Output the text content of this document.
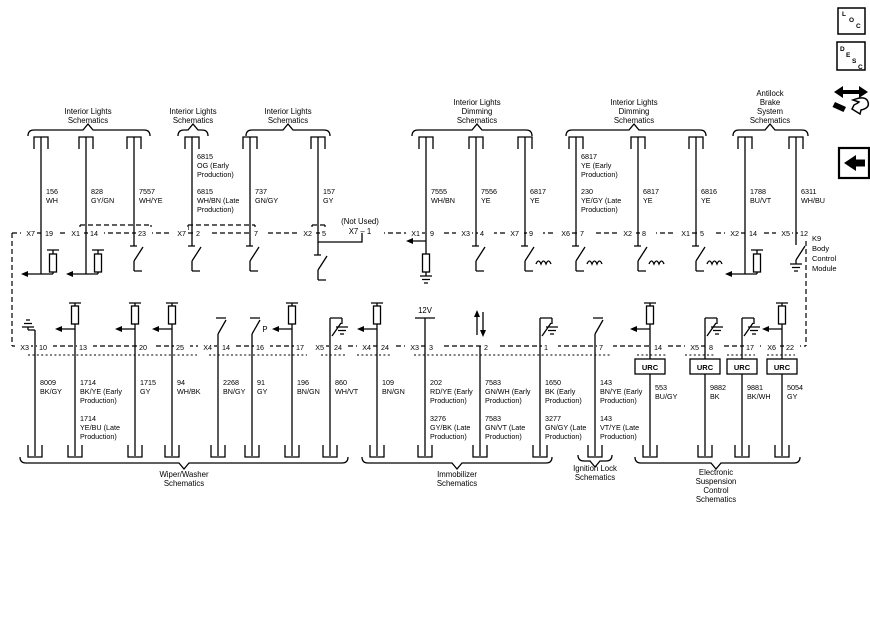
156
WH
X7 19
828
GY/GN
X1 14
7557
WH/YE
23
6815
OG (Early
Production)
6815
WH/BN (Late
Production)
X7 2
737
GN/GY
7
157
GY
X2 5
(Not Used)
X7 – 1
7555
WH/BN
X1 9
7556
YE
X3 4
6817
YE
X7 9
6817
YE (Early
Production)
230
YE/GY (Late
Production)
X6 7
6817
YE
X2 8
6816
YE
X1 5
1788
BU/VT
X2 14
6311
WH/BU
X5 12
8009
BK/GY
X3 10
1714
BK/YE (Early
Production)
1714
YE/BU (Late
Production)
13
1715
GY
20
94
WH/BK
25
2268
BN/GY
X4 14
91
GY
16
P
196
BN/GN
17
860
WH/VT
X5 24
109
BN/GN
X4 24
12V
202
RD/YE (Early
Production)
3276
GY/BK (Late
Production)
X3 3
7583
GN/WH (Early
Production)
7583
GN/VT (Late
Production)
2
1650
BK (Early
Production)
3277
GN/GY (Late
Production)
1
143
BN/YE (Early
Production)
143
VT/YE (Late
Production)
7
URC
553
BU/GY
14
URC
9882
BK
X5 8
URC
9881
BK/WH
17
URC
5054
GY
X6 22
Interior Lights
Schematics
Interior Lights
Schematics
Interior Lights
Schematics
Interior Lights
Dimming
Schematics
Interior Lights
Dimming
Schematics
Antilock
Brake
System
Schematics
Wiper/Washer
Schematics
Immobilizer
Schematics
Ignition Lock
Schematics
Electronic
Suspension
Control
Schematics
K9
Body
Control
Module
L
O
C
D
E
S
C
